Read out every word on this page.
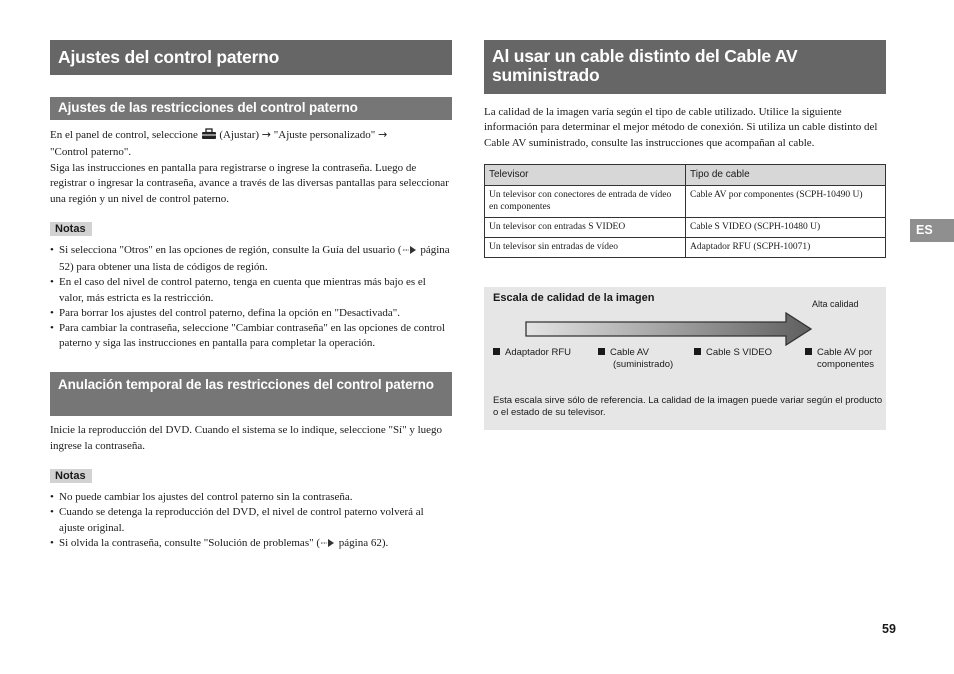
Ajustes del control paterno
Ajustes de las restricciones del control paterno

En el panel de control, seleccione  (Ajustar) → "Ajuste personalizado" →
"Control paterno".

Siga las instrucciones en pantalla para registrarse o ingrese la contraseña. Luego de registrar o ingresar la contraseña, avance a través de las diversas pantallas para seleccionar una región y un nivel de control paterno.

Notas
• Si selecciona "Otros" en las opciones de región, consulte la Guía del usuario ( página 52) para obtener una lista de códigos de región.
• En el caso del nivel de control paterno, tenga en cuenta que mientras más bajo es el valor, más estricta es la restricción.
• Para borrar los ajustes del control paterno, defina la opción en "Desactivada".
• Para cambiar la contraseña, seleccione "Cambiar contraseña" en las opciones de control paterno y siga las instrucciones en pantalla para completar la operación.
Anulación temporal de las restricciones del control paterno

Inicie la reproducción del DVD. Cuando el sistema se lo indique, seleccione "Sí" y luego ingrese la contraseña.

Notas
• No puede cambiar los ajustes del control paterno sin la contraseña.
• Cuando se detenga la reproducción del DVD, el nivel de control paterno volverá al ajuste original.
• Si olvida la contraseña, consulte "Solución de problemas" ( página 62).
Al usar un cable distinto del Cable AV suministrado

La calidad de la imagen varía según el tipo de cable utilizado. Utilice la siguiente información para determinar el mejor método de conexión. Si utiliza un cable distinto del Cable AV suministrado, consulte las instrucciones que acompañan al cable.

Televisor	Tipo de cable
Un televisor con conectores de entrada de vídeo en componentes	Cable AV por componentes (SCPH-10490 U)
Un televisor con entradas S VIDEO	Cable S VIDEO (SCPH-10480 U)
Un televisor sin entradas de vídeo	Adaptador RFU (SCPH-10071)
Escala de calidad de la imagen	Alta calidad
Adaptador RFU	Cable AV
(suministrado)
Cable S VIDEO	Cable AV por
componentes
Esta escala sirve sólo de referencia. La calidad de la imagen puede variar según el producto o el estado de su televisor.
ES
59
